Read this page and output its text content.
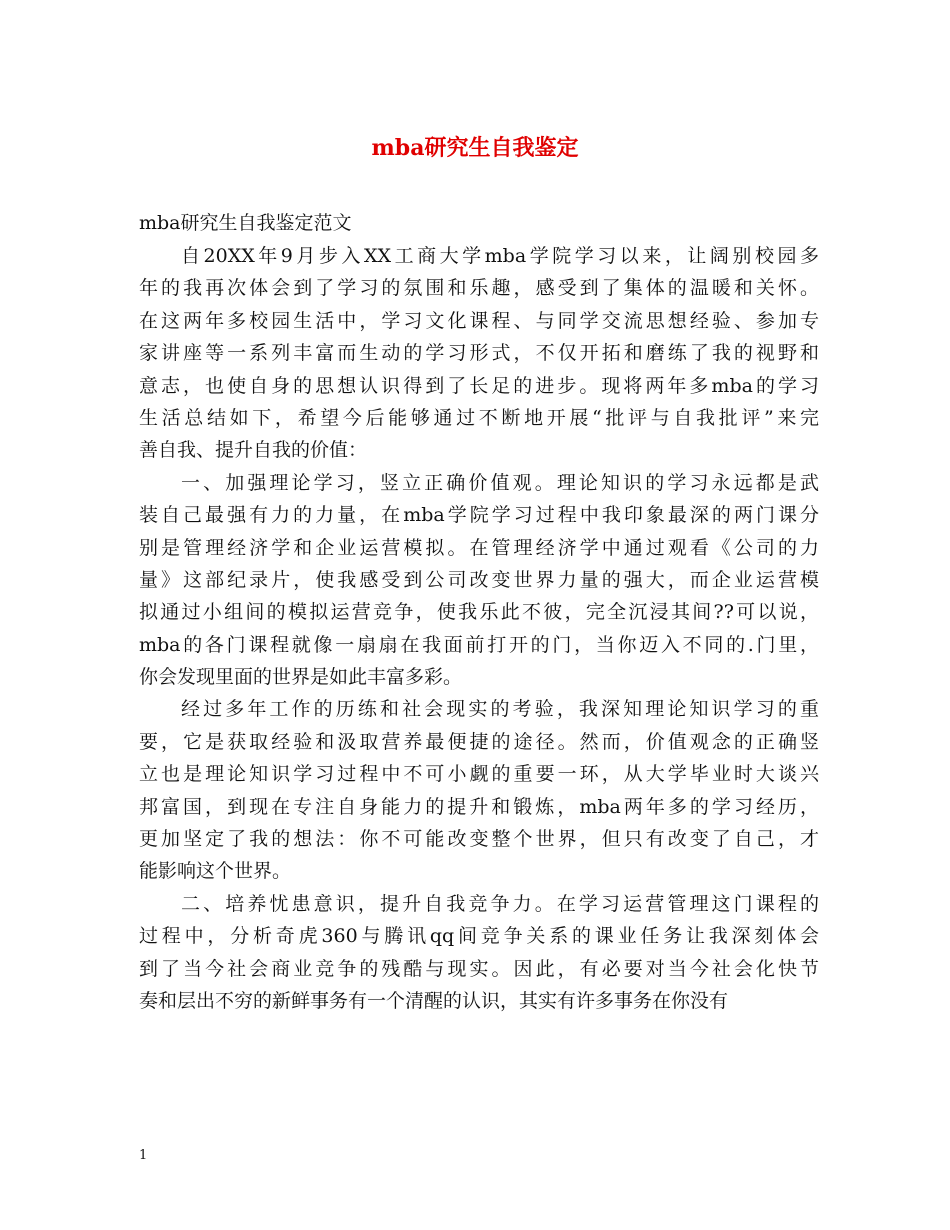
mba研究生自我鉴定
mba研究生自我鉴定范文
自20XX年9月步入XX工商大学mba学院学习以来，让阔别校园多
年的我再次体会到了学习的氛围和乐趣，感受到了集体的温暖和关怀。
在这两年多校园生活中，学习文化课程、与同学交流思想经验、参加专
家讲座等一系列丰富而生动的学习形式，不仅开拓和磨练了我的视野和
意志，也使自身的思想认识得到了长足的进步。现将两年多mba的学习
生活总结如下，希望今后能够通过不断地开展“批评与自我批评”来完
善自我、提升自我的价值：
一、加强理论学习，竖立正确价值观。理论知识的学习永远都是武
装自己最强有力的力量，在mba学院学习过程中我印象最深的两门课分
别是管理经济学和企业运营模拟。在管理经济学中通过观看《公司的力
量》这部纪录片，使我感受到公司改变世界力量的强大，而企业运营模
拟通过小组间的模拟运营竞争，使我乐此不彼，完全沉浸其间??可以说，
mba的各门课程就像一扇扇在我面前打开的门，当你迈入不同的.门里，
你会发现里面的世界是如此丰富多彩。
经过多年工作的历练和社会现实的考验，我深知理论知识学习的重
要，它是获取经验和汲取营养最便捷的途径。然而，价值观念的正确竖
立也是理论知识学习过程中不可小觑的重要一环，从大学毕业时大谈兴
邦富国，到现在专注自身能力的提升和锻炼，mba两年多的学习经历，
更加坚定了我的想法：你不可能改变整个世界，但只有改变了自己，才
能影响这个世界。
二、培养忧患意识，提升自我竞争力。在学习运营管理这门课程的
过程中，分析奇虎360与腾讯qq间竞争关系的课业任务让我深刻体会
到了当今社会商业竞争的残酷与现实。因此，有必要对当今社会化快节
奏和层出不穷的新鲜事务有一个清醒的认识，其实有许多事务在你没有
1
